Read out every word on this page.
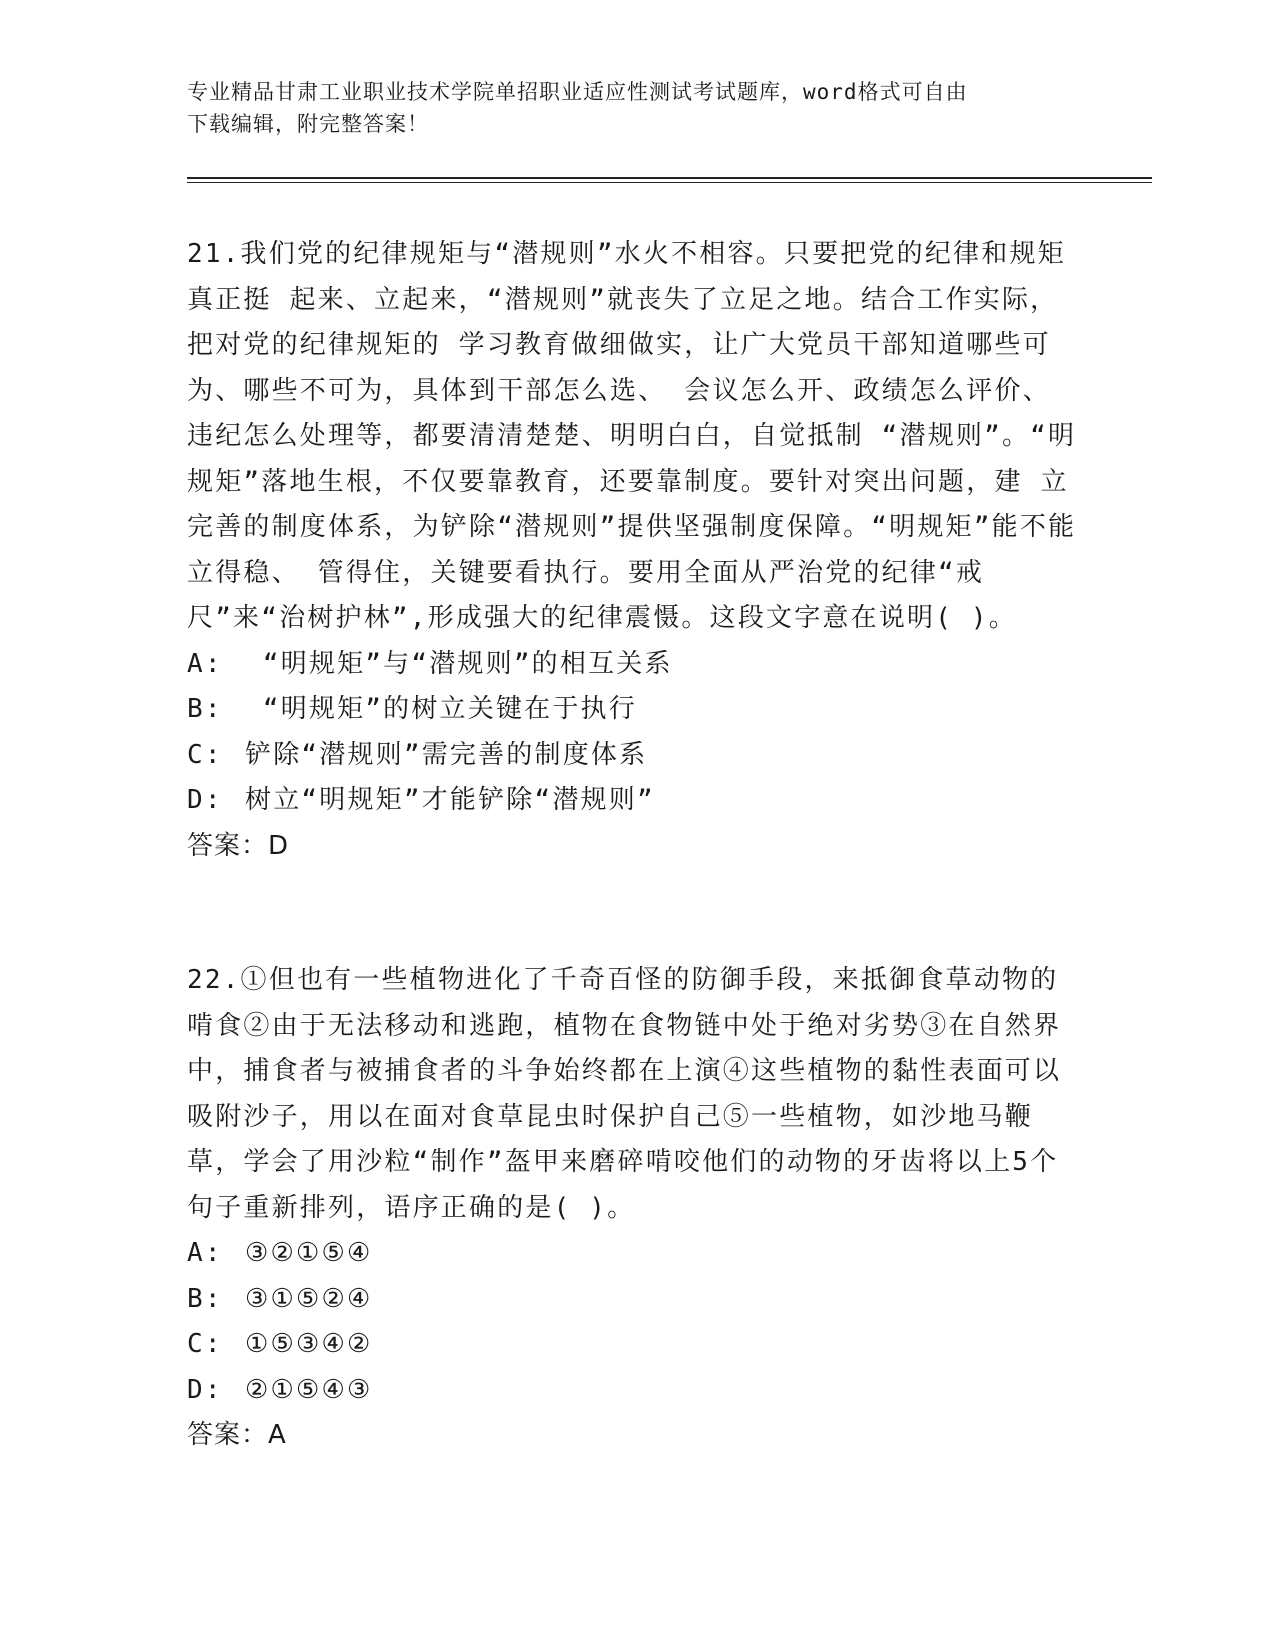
专业精品甘肃工业职业技术学院单招职业适应性测试考试题库，word格式可自由
下载编辑，附完整答案！

21.我们党的纪律规矩与“潜规则”水火不相容。只要把党的纪律和规矩真正挺 起来、立起来，“潜规则”就丧失了立足之地。结合工作实际，把对党的纪律规矩的 学习教育做细做实，让广大党员干部知道哪些可为、哪些不可为，具体到干部怎么选、 会议怎么开、政绩怎么评价、违纪怎么处理等，都要清清楚楚、明明白白，自觉抵制 “潜规则”。“明规矩”落地生根，不仅要靠教育，还要靠制度。要针对突出问题，建 立完善的制度体系，为铲除“潜规则”提供坚强制度保障。“明规矩”能不能立得稳、 管得住，关键要看执行。要用全面从严治党的纪律“戒尺”来“治树护林”,形成强大的纪律震慑。这段文字意在说明( )。

A: “明规矩”与“潜规则”的相互关系
B: “明规矩”的树立关键在于执行
C: 铲除“潜规则”需完善的制度体系
D: 树立“明规矩”才能铲除“潜规则”
答案：D

22.①但也有一些植物进化了千奇百怪的防御手段，来抵御食草动物的啃食②由于无法移动和逃跑，植物在食物链中处于绝对劣势③在自然界中，捕食者与被捕食者的斗争始终都在上演④这些植物的黏性表面可以吸附沙子，用以在面对食草昆虫时保护自己⑤一些植物，如沙地马鞭草，学会了用沙粒“制作”盔甲来磨碎啃咬他们的动物的牙齿将以上5个句子重新排列，语序正确的是( )。

A: ③②①⑤④
B: ③①⑤②④
C: ①⑤③④②
D: ②①⑤④③
答案：A
